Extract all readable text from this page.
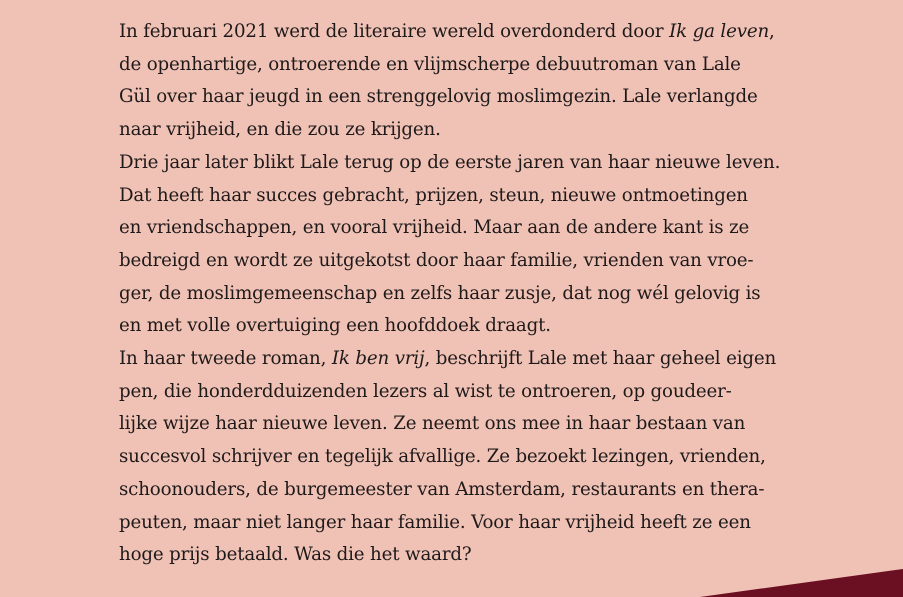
In februari 2021 werd de literaire wereld overdonderd door Ik ga leven,
de openhartige, ontroerende en vlijmscherpe debuutroman van Lale
Gül over haar jeugd in een strenggelovig moslimgezin. Lale verlangde
naar vrijheid, en die zou ze krijgen.
Drie jaar later blikt Lale terug op de eerste jaren van haar nieuwe leven.
Dat heeft haar succes gebracht, prijzen, steun, nieuwe ontmoetingen
en vriendschappen, en vooral vrijheid. Maar aan de andere kant is ze
bedreigd en wordt ze uitgekotst door haar familie, vrienden van vroe-
ger, de moslimgemeenschap en zelfs haar zusje, dat nog wél gelovig is
en met volle overtuiging een hoofddoek draagt.
In haar tweede roman, Ik ben vrij, beschrijft Lale met haar geheel eigen
pen, die honderdduizenden lezers al wist te ontroeren, op goudeer-
lijke wijze haar nieuwe leven. Ze neemt ons mee in haar bestaan van
succesvol schrijver en tegelijk afvallige. Ze bezoekt lezingen, vrienden,
schoonouders, de burgemeester van Amsterdam, restaurants en thera-
peuten, maar niet langer haar familie. Voor haar vrijheid heeft ze een
hoge prijs betaald. Was die het waard?
